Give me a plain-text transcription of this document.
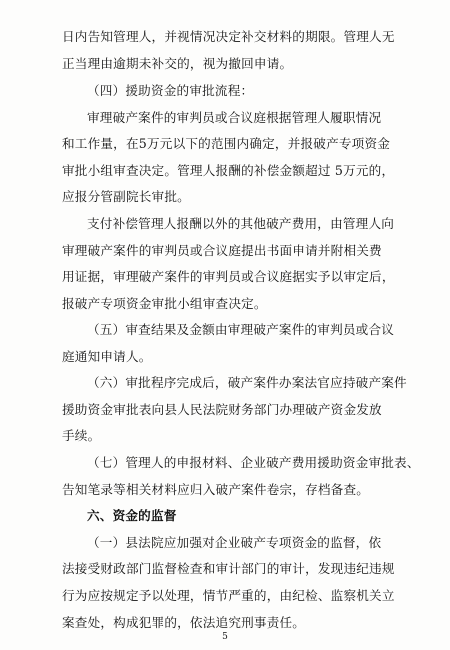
日内告知管理人，并视情况决定补交材料的期限。管理人无
正当理由逾期未补交的，视为撤回申请。
（四）援助资金的审批流程：
审理破产案件的审判员或合议庭根据管理人履职情况
和工作量，在5万元以下的范围内确定，并报破产专项资金
审批小组审查决定。管理人报酬的补偿金额超过 5万元的，
应报分管副院长审批。
支付补偿管理人报酬以外的其他破产费用，由管理人向
审理破产案件的审判员或合议庭提出书面申请并附相关费
用证据，审理破产案件的审判员或合议庭据实予以审定后，
报破产专项资金审批小组审查决定。
（五）审查结果及金额由审理破产案件的审判员或合议
庭通知申请人。
（六）审批程序完成后，破产案件办案法官应持破产案件
援助资金审批表向县人民法院财务部门办理破产资金发放
手续。
（七）管理人的申报材料、企业破产费用援助资金审批表、
告知笔录等相关材料应归入破产案件卷宗，存档备查。
六、资金的监督
（一）县法院应加强对企业破产专项资金的监督，依
法接受财政部门监督检查和审计部门的审计，发现违纪违规
行为应按规定予以处理，情节严重的，由纪检、监察机关立
案查处，构成犯罪的，依法追究刑事责任。
5
